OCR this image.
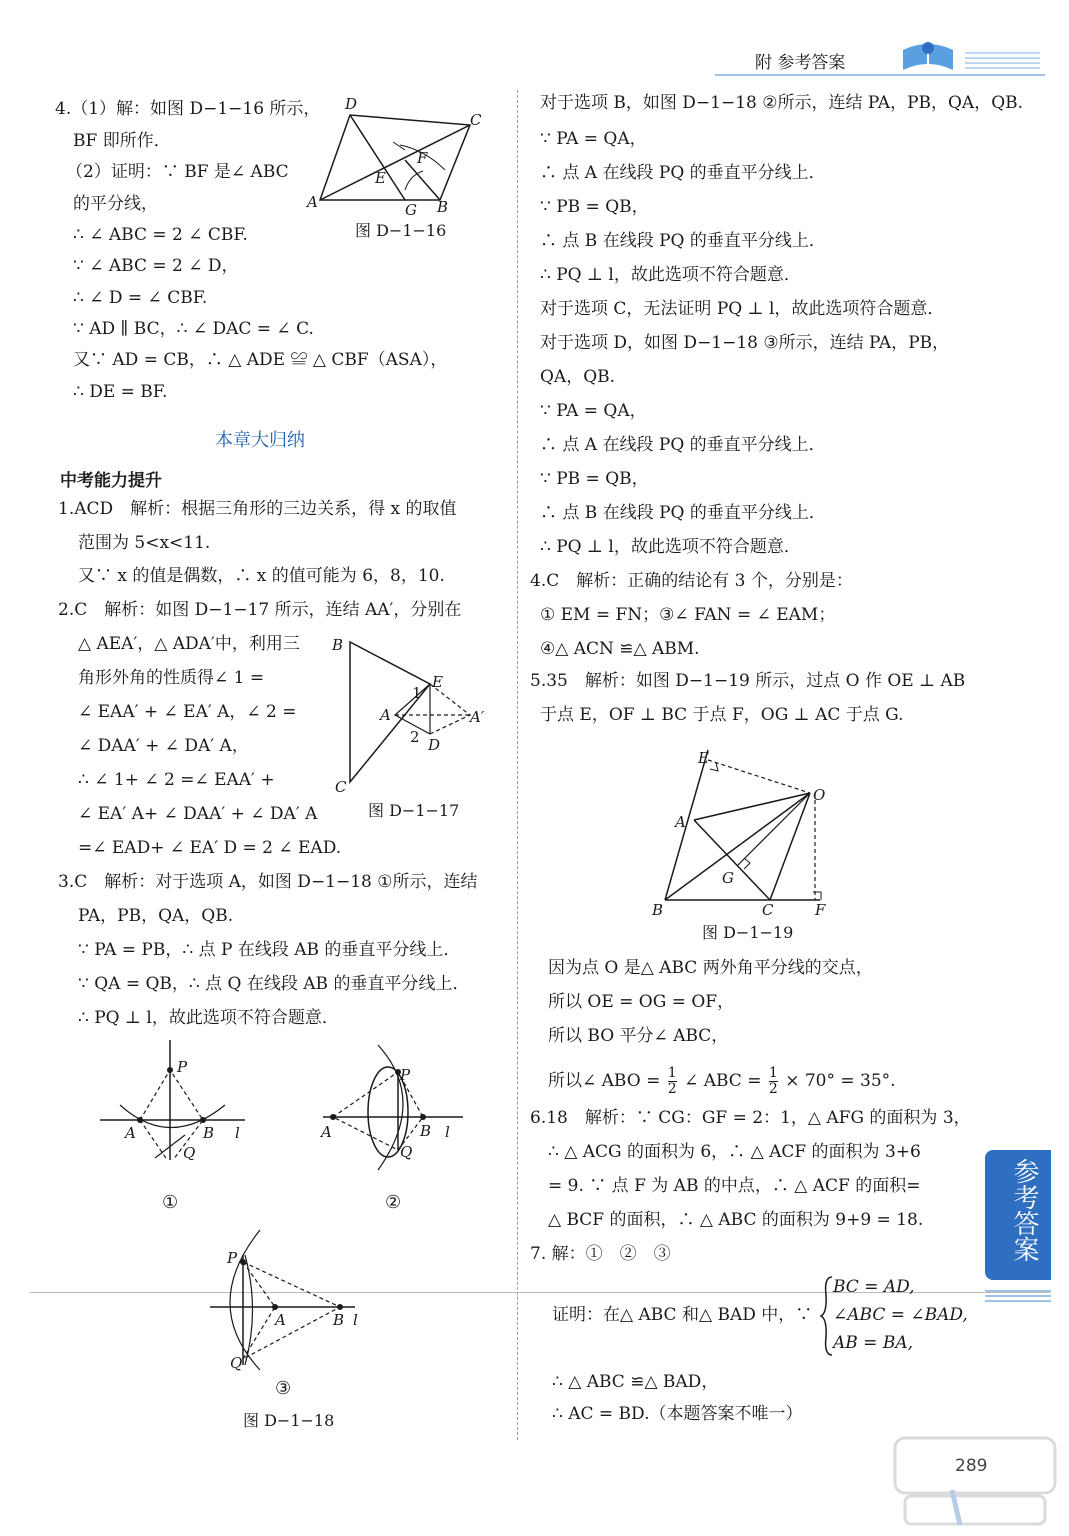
附 参考答案
4.（1）解：如图 D−1−16 所示，
BF 即所作．
（2）证明：∵ BF 是∠ ABC
的平分线，
∴ ∠ ABC = 2 ∠ CBF.
∵ ∠ ABC = 2 ∠ D，
∴ ∠ D = ∠ CBF.
∵ AD ∥ BC，∴ ∠ DAC = ∠ C.
又∵ AD = CB，∴ △ ADE ≌ △ CBF（ASA），
∴ DE = BF.
A
D
C
E
F
G B
图 D−1−16
本章大归纳
中考能力提升
1.ACD　解析：根据三角形的三边关系，得 x 的取值
范围为 5<x<11.
又∵ x 的值是偶数，∴ x 的值可能为 6，8，10.
2.C　解析：如图 D−1−17 所示，连结 AA′，分别在
△ AEA′，△ ADA′中，利用三
角形外角的性质得∠ 1 =
∠ EAA′ + ∠ EA′ A，∠ 2 =
∠ DAA′ + ∠ DA′ A，
∴ ∠ 1+ ∠ 2 =∠ EAA′ +
∠ EA′ A+ ∠ DAA′ + ∠ DA′ A
=∠ EAD+ ∠ EA′ D = 2 ∠ EAD.
3.C　解析：对于选项 A，如图 D−1−18 ①所示，连结
PA，PB，QA，QB.
∵ PA = PB，∴ 点 P 在线段 AB 的垂直平分线上．
∵ QA = QB，∴ 点 Q 在线段 AB 的垂直平分线上．
∴ PQ ⊥ l，故此选项不符合题意．
B
C
E
A	A′
D
1
2
图 D−1−17
P
A	B l
Q
①
P
A	B l
Q
②
P
A	B l
Q
③
图 D−1−18
对于选项 B，如图 D−1−18 ②所示，连结 PA，PB，QA，QB.
∵ PA = QA，
∴ 点 A 在线段 PQ 的垂直平分线上．
∵ PB = QB，
∴ 点 B 在线段 PQ 的垂直平分线上．
∴ PQ ⊥ l，故此选项不符合题意．
对于选项 C，无法证明 PQ ⊥ l，故此选项符合题意．
对于选项 D，如图 D−1−18 ③所示，连结 PA，PB，
QA，QB.
∵ PA = QA，
∴ 点 A 在线段 PQ 的垂直平分线上．
∵ PB = QB，
∴ 点 B 在线段 PQ 的垂直平分线上．
∴ PQ ⊥ l，故此选项不符合题意．
4.C　解析：正确的结论有 3 个，分别是：
① EM = FN；③∠ FAN = ∠ EAM；
④△ ACN ≌△ ABM.
5.35　解析：如图 D−1−19 所示，过点 O 作 OE ⊥ AB
于点 E，OF ⊥ BC 于点 F，OG ⊥ AC 于点 G.
E
O
A
G
B	C	F
图 D−1−19
因为点 O 是△ ABC 两外角平分线的交点，
所以 OE = OG = OF，
所以 BO 平分∠ ABC，
所以∠ ABO = $\frac{1}{2}$ ∠ ABC = $\frac{1}{2} \times 70^\circ = 35^\circ$.
6.18　解析：∵ CG：GF = 2：1，△ AFG 的面积为 3，
∴ △ ACG 的面积为 6，∴ △ ACF 的面积为 3+6
= 9. ∵ 点 F 为 AB 的中点，∴ △ ACF 的面积=
△ BCF 的面积，∴ △ ABC 的面积为 9+9 = 18.
7. 解：①　②　③
证明：在△ ABC 和△ BAD 中，∵
BC = AD,
∠ABC = ∠BAD,
AB = BA,
∴ △ ABC ≌△ BAD，
∴ AC = BD.（本题答案不唯一）
参考答案
289
